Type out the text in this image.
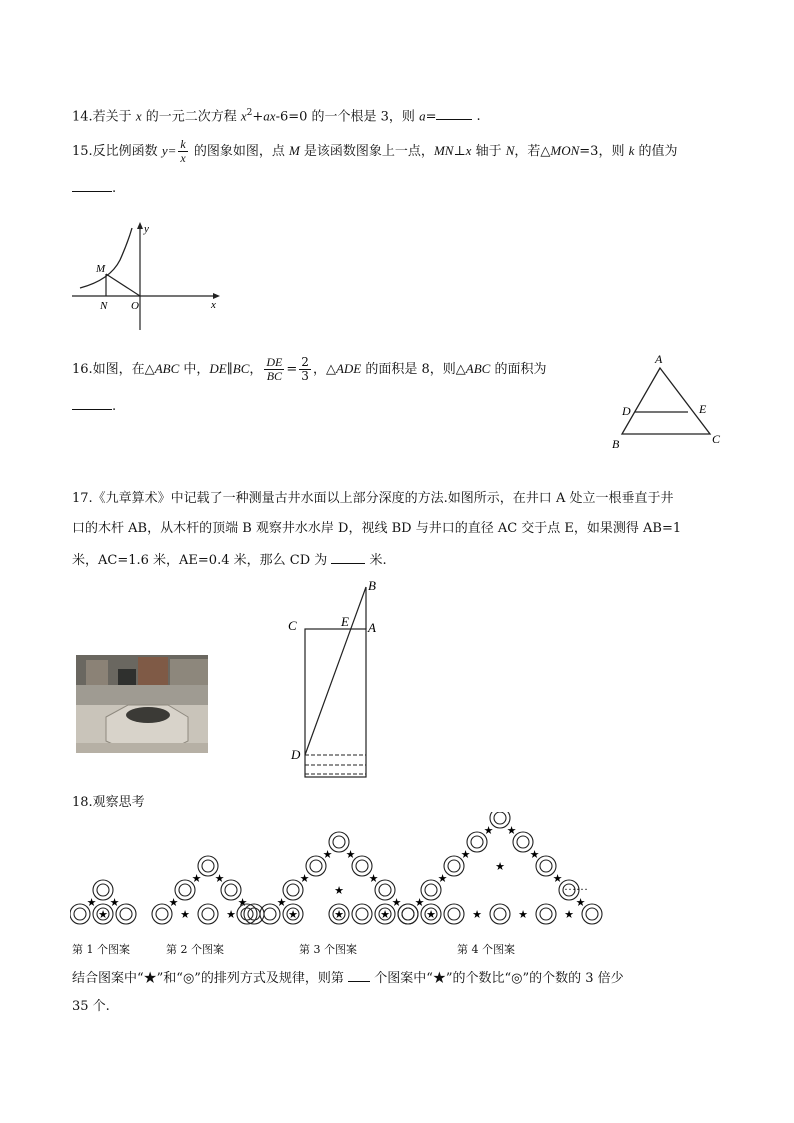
14.若关于 x 的一元二次方程 $x^2+ax-6=0$ 的一个根是 3，则 a=	.
15.反比例函数 $y= \frac{k}{x}$ 的图象如图，点 M 是该函数图象上一点，MN⊥x 轴于 N，若△MON=3，则 k 的值为
.
y
x
M
N O
16.如图，在△ABC 中，DE∥BC， $\frac{DE}{BC} = \frac{2}{3}$ ，△ADE 的面积是 8，则△ABC 的面积为
.
A
D	E
B	C
17.《九章算术》中记载了一种测量古井水面以上部分深度的方法.如图所示，在井口 A 处立一根垂直于井
口的木杆 AB，从木杆的顶端 B 观察井水水岸 D，视线 BD 与井口的直径 AC 交于点 E，如果测得 AB=1
米，AC=1.6 米，AE=0.4 米，那么 CD 为	米.
B
C	E A
D
18.观察思考
★ ★
★
★ ★
★	★
★	★
★ ★
★	★
★	★
★	★	★
★
★ ★
★	★
★	★
★	★
★	★	★	★
★
……
第 1 个图案	第 2 个图案	第 3 个图案	第 4 个图案
结合图案中“★”和“◎”的排列方式及规律，则第  个图案中“★”的个数比“◎”的个数的 3 倍少
35 个.
